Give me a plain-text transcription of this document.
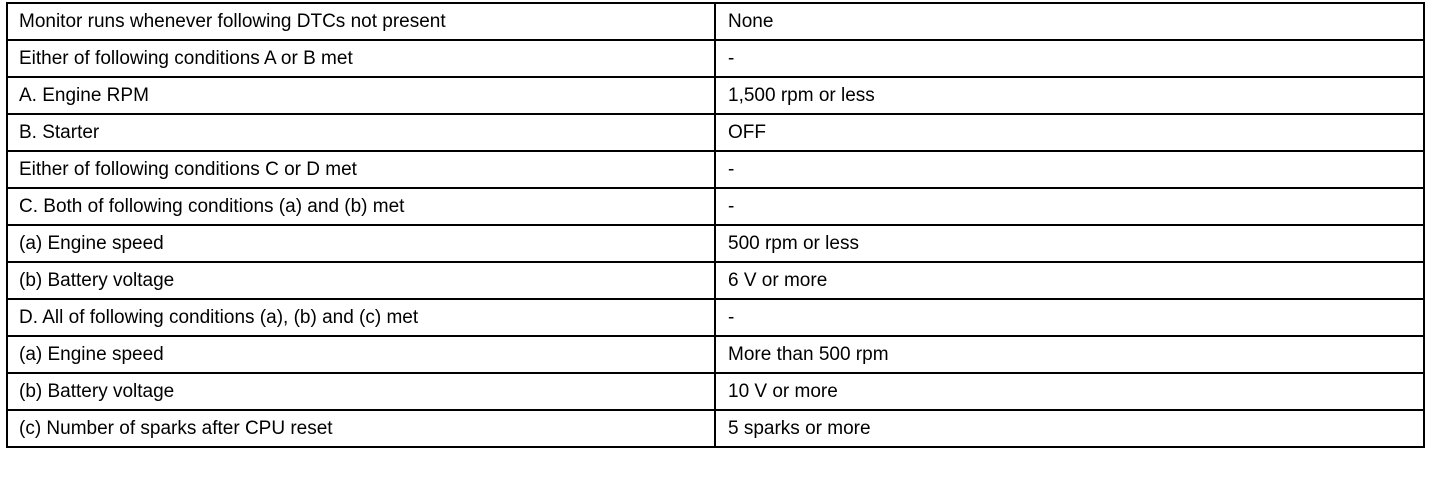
Monitor runs whenever following DTCs not present	None
Either of following conditions A or B met	-
A. Engine RPM	1,500 rpm or less
B. Starter	OFF
Either of following conditions C or D met	-
C. Both of following conditions (a) and (b) met	-
(a) Engine speed	500 rpm or less
(b) Battery voltage	6 V or more
D. All of following conditions (a), (b) and (c) met	-
(a) Engine speed	More than 500 rpm
(b) Battery voltage	10 V or more
(c) Number of sparks after CPU reset	5 sparks or more
